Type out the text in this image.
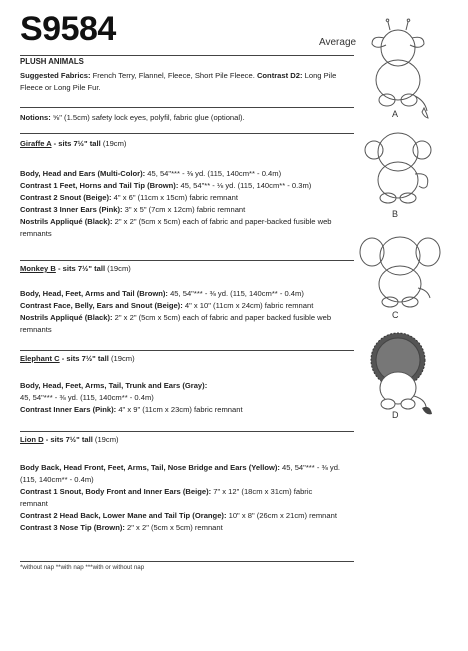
S9584	Average
PLUSH ANIMALS
Suggested Fabrics: French Terry, Flannel, Fleece, Short Pile Fleece. Contrast D2: Long Pile
Fleece or Long Pile Fur.
Notions: ⅝" (1.5cm) safety lock eyes, polyfil, fabric glue (optional).
Giraffe A - sits 7½" tall (19cm)
Body, Head and Ears (Multi-Color): 45, 54"*** - ⅜ yd. (115, 140cm** - 0.4m)
Contrast 1 Feet, Horns and Tail Tip (Brown): 45, 54"** - ⅛ yd. (115, 140cm** - 0.3m)
Contrast 2 Snout (Beige): 4" x 6" (11cm x 15cm) fabric remnant
Contrast 3 Inner Ears (Pink): 3" x 5" (7cm x 12cm) fabric remnant
Nostrils Appliqué (Black): 2" x 2" (5cm x 5cm) each of fabric and paper-backed fusible web
remnants
Monkey B - sits 7½" tall (19cm)
Body, Head, Feet, Arms and Tail (Brown): 45, 54"*** - ⅜ yd. (115, 140cm** - 0.4m)
Contrast Face, Belly, Ears and Snout (Beige): 4" x 10" (11cm x 24cm) fabric remnant
Nostrils Appliqué (Black): 2" x 2" (5cm x 5cm) each of fabric and paper backed fusible web
remnants
Elephant C - sits 7½" tall (19cm)
Body, Head, Feet, Arms, Tail, Trunk and Ears (Gray):
45, 54"*** - ⅜ yd. (115, 140cm** - 0.4m)
Contrast Inner Ears (Pink): 4" x 9" (11cm x 23cm) fabric remnant
Lion D - sits 7½" tall (19cm)
Body Back, Head Front, Feet, Arms, Tail, Nose Bridge and Ears (Yellow): 45, 54"*** - ⅜ yd.
(115, 140cm** - 0.4m)
Contrast 1 Snout, Body Front and Inner Ears (Beige): 7" x 12" (18cm x 31cm) fabric
remnant
Contrast 2 Head Back, Lower Mane and Tail Tip (Orange): 10" x 8" (26cm x 21cm) remnant
Contrast 3 Nose Tip (Brown): 2" x 2" (5cm x 5cm) remnant
*without nap **with nap ***with or without nap
A
B
C
D
